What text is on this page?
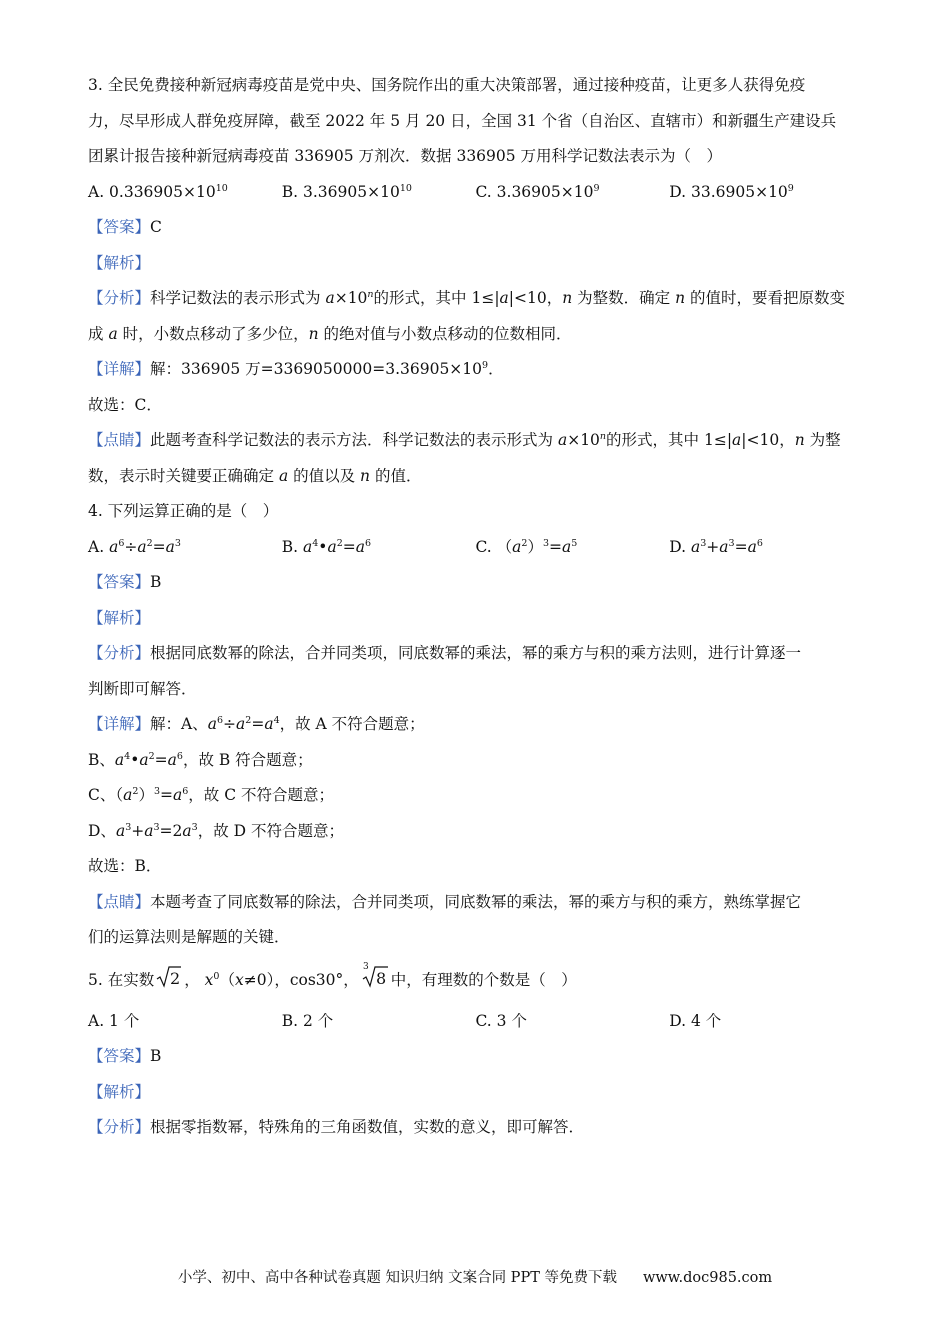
3. 全民免费接种新冠病毒疫苗是党中央、国务院作出的重大决策部署，通过接种疫苗，让更多人获得免疫
力，尽早形成人群免疫屏障，截至 2022 年 5 月 20 日，全国 31 个省（自治区、直辖市）和新疆生产建设兵
团累计报告接种新冠病毒疫苗 336905 万剂次．数据 336905 万用科学记数法表示为（　）
A. $0.336905\times 10^{10}$	B. $3.36905\times 10^{10}$	C. $3.36905\times 10^9$	D. $33.6905\times 10^9$
【答案】C
【解析】
【分析】科学记数法的表示形式为 $a\times 10^n$的形式，其中 1≤|a|<10，n 为整数．确定 n 的值时，要看把原数变
成 a 时，小数点移动了多少位，n 的绝对值与小数点移动的位数相同．
【详解】解：336905 万$=3369050000=3.36905\times 10^9$．
故选：C．
【点睛】此题考查科学记数法的表示方法．科学记数法的表示形式为 $a\times 10^n$的形式，其中 1≤|a|<10，n 为整
数，表示时关键要正确确定 a 的值以及 n 的值．
4. 下列运算正确的是（　）
A. $a^6\div a^2=a^3$	B. $a^4•a^2=a^6$	C. $(a^2)^3=a^5$	D. $a^3+a^3=a^6$
【答案】B
【解析】
【分析】根据同底数幂的除法，合并同类项，同底数幂的乘法，幂的乘方与积的乘方法则，进行计算逐一
判断即可解答．
【详解】解：A、$a^6\div a^2=a^4$，故 A 不符合题意；
B、$a^4•a^2=a^6$，故 B 符合题意；
C、$(a^2)^3=a^6$，故 C 不符合题意；
D、$a^3+a^3=2a^3$，故 D 不符合题意；
故选：B．
【点睛】本题考查了同底数幂的除法，合并同类项，同底数幂的乘法，幂的乘方与积的乘方，熟练掌握它
们的运算法则是解题的关键．
5. 在实数 2 ， $x^0(x\ne 0)$，cos30°，
3
8 中，有理数的个数是（　）
A. 1 个	B. 2 个	C. 3 个	D. 4 个
【答案】B
【解析】
【分析】根据零指数幂，特殊角的三角函数值，实数的意义，即可解答．
小学、初中、高中各种试卷真题 知识归纳 文案合同 PPT 等免费下载 www.doc985.com
